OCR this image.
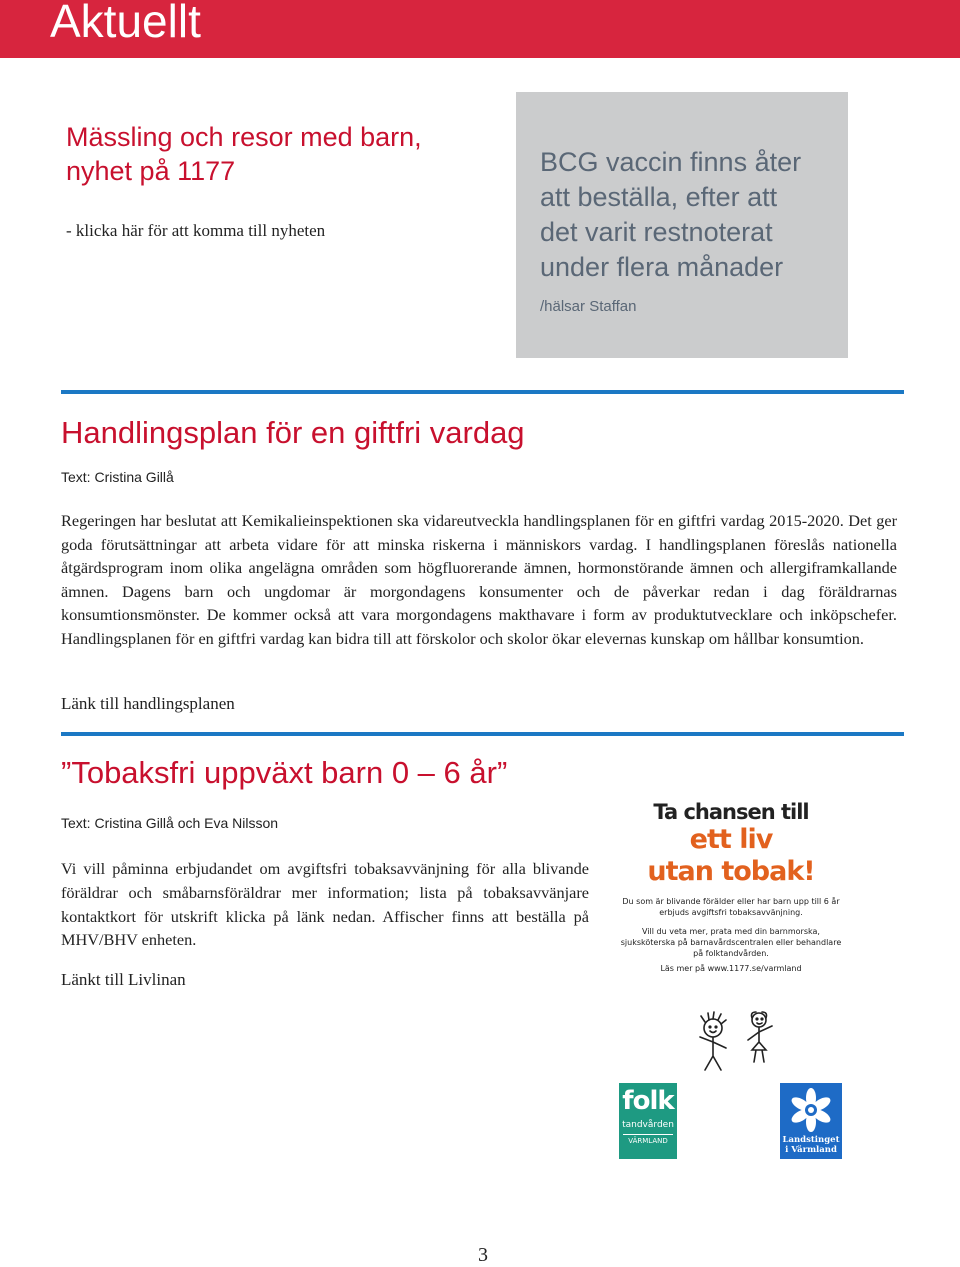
Aktuellt
Mässling och resor med barn,
nyhet på 1177
- klicka här för att komma till nyheten
BCG vaccin finns åter
att beställa, efter att
det varit restnoterat
under flera månader
/hälsar Staffan
Handlingsplan för en giftfri vardag
Text: Cristina Gillå
Regeringen har beslutat att Kemikalieinspektionen ska vidareutveckla handlingsplanen för en giftfri vardag 2015-2020. Det ger goda förutsättningar att arbeta vidare för att minska riskerna i människors vardag. I handlingsplanen föreslås nationella åtgärdsprogram inom olika angelägna områden som högfluorerande ämnen, hormonstörande ämnen och allergiframkallande ämnen. Dagens barn och ungdomar är morgondagens konsumenter och de påverkar redan i dag föräldrarnas konsumtionsmönster. De kommer också att vara morgondagens makthavare i form av produktutvecklare och inköpschefer. Handlingsplanen för en giftfri vardag kan bidra till att förskolor och skolor ökar elevernas kunskap om hållbar konsumtion.
Länk till handlingsplanen
”Tobaksfri uppväxt barn 0 – 6 år”
Text: Cristina Gillå och Eva Nilsson
Vi vill påminna erbjudandet om avgiftsfri tobaksavvänjning för alla blivande föräldrar och småbarnsföräldrar mer information; lista på tobaksavvänjare kontaktkort för utskrift klicka på länk nedan. Affischer finns att beställa på MHV/BHV enheten.
Länkt till Livlinan
Ta chansen till
ett liv
utan tobak!
Du som är blivande förälder eller har barn upp till 6 år erbjuds avgiftsfri tobaksavvänjning.
Vill du veta mer, prata med din barnmorska, sjuksköterska på barnavårdscentralen eller behandlare på folktandvården.
Läs mer på www.1177.se/varmland
folk
tandvården
VÄRMLAND	Landstinget i Värmland
3
